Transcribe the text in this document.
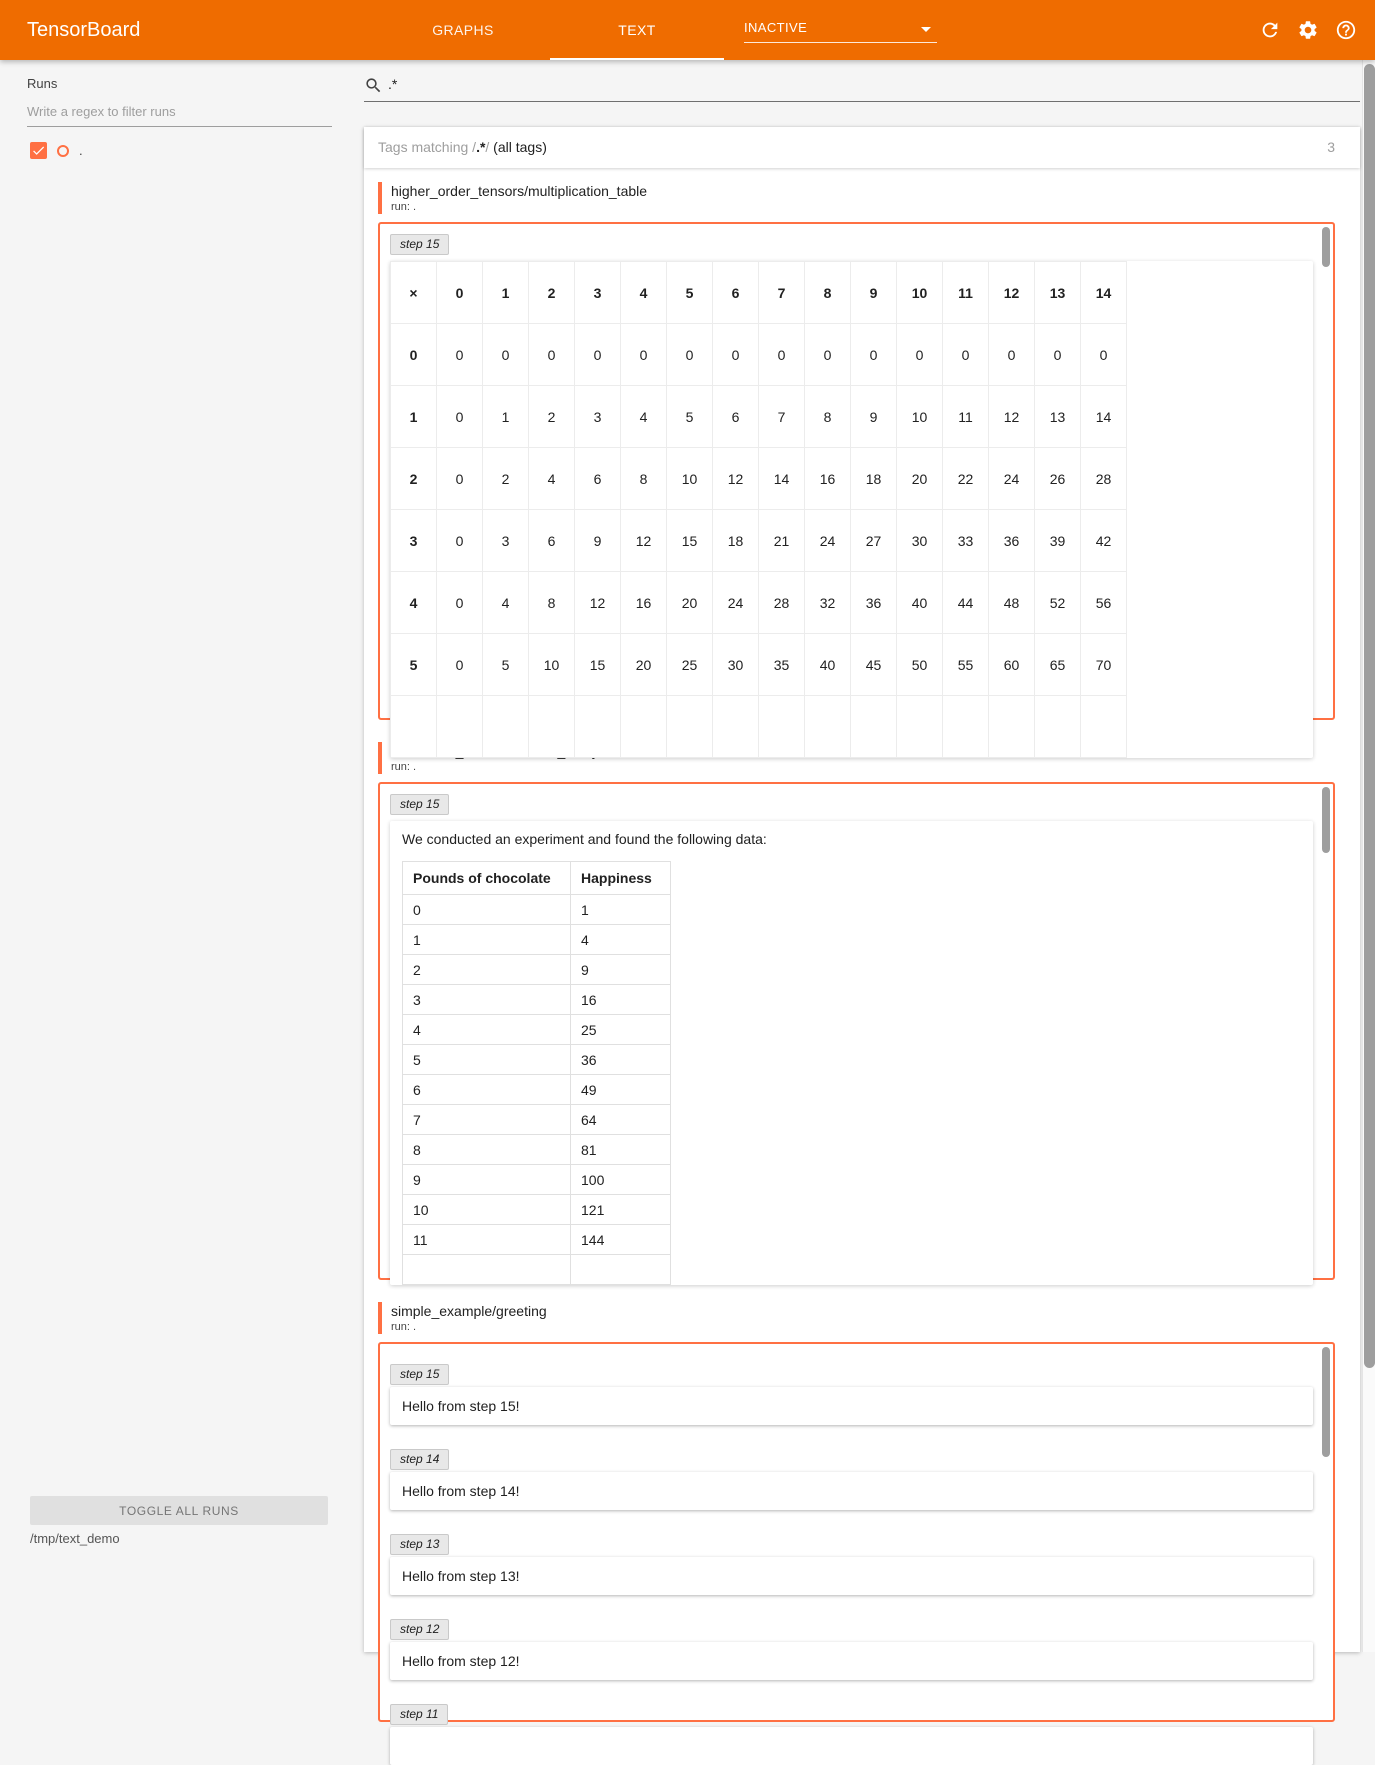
TensorBoard	GRAPHS	TEXT	INACTIVE
Runs
Write a regex to filter runs
.
TOGGLE ALL RUNS
/tmp/text_demo
.*
Tags matching /.*/ (all tags)	3
higher_order_tensors/multiplication_table
run: .
step 15
×	0	1	2	3	4	5	6	7	8	9	10	11	12	13	14
0	0	0	0	0	0	0	0	0	0	0	0	0	0	0	0
1	0	1	2	3	4	5	6	7	8	9	10	11	12	13	14
2	0	2	4	6	8	10	12	14	16	18	20	22	24	26	28
3	0	3	6	9	12	15	18	21	24	27	30	33	36	39	42
4	0	4	8	12	16	20	24	28	32	36	40	44	48	52	56
5	0	5	10	15	20	25	30	35	40	45	50	55	60	65	70

run: .
step 15
We conducted an experiment and found the following data:
Pounds of chocolate	Happiness
0	1
1	4
2	9
3	16
4	25
5	36
6	49
7	64
8	81
9	100
10	121
11	144

simple_example/greeting
run: .
step 15
Hello from step 15!
step 14
Hello from step 14!
step 13
Hello from step 13!
step 12
Hello from step 12!
step 11
